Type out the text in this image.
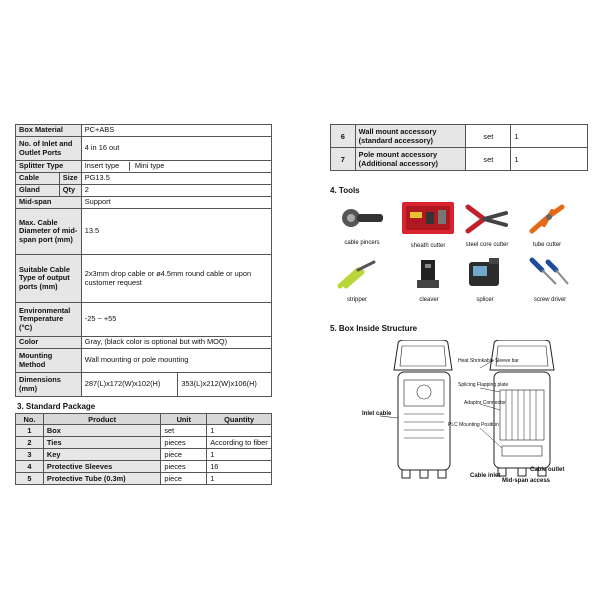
Box Material		PC+ABS	
No. of Inlet and Outlet Ports		4 in 16 out	
Splitter Type		Insert type Mini type	
Cable	Size	PG13.5	
Gland	Qty	2	
Mid-span		Support	
Max. Cable Diameter of mid-span port (mm)		13.5	
Suitable Cable Type of output ports (mm)		2x3mm drop cable or ø4.5mm round cable or upon customer request	
Environmental Temperature (°C)		-25 ~ +55	
Color		Gray, (black color is optional but with MOQ)	
Mounting Method		Wall mounting or pole mounting	
Dimensions (mm)		287(L)x172(W)x102(H)	353(L)x212(W)x106(H)
3. Standard Package
No.	Product	Unit	Quantity
1	Box	set	1
2	Ties	pieces	According to fiber
3	Key	piece	1
4	Protective Sleeves	pieces	16
5	Protective Tube (0.3m)	piece	1
6	Wall mount accessory
(standard accessory)	set	1
7	Pole mount accessory
(Additional accessory)	set	1
4. Tools
cable pincers	sheath cutter	steel core cutter	tube cutter
stripper	cleaver	splicer	screw driver
5. Box Inside Structure
Heat Shrinkable Sleeve bar
Splicing Flapping plate
Adaptor Connector
PLC Mounting Position
Inlet cable
Cable inlet
Mid-span access
Cable outlet
